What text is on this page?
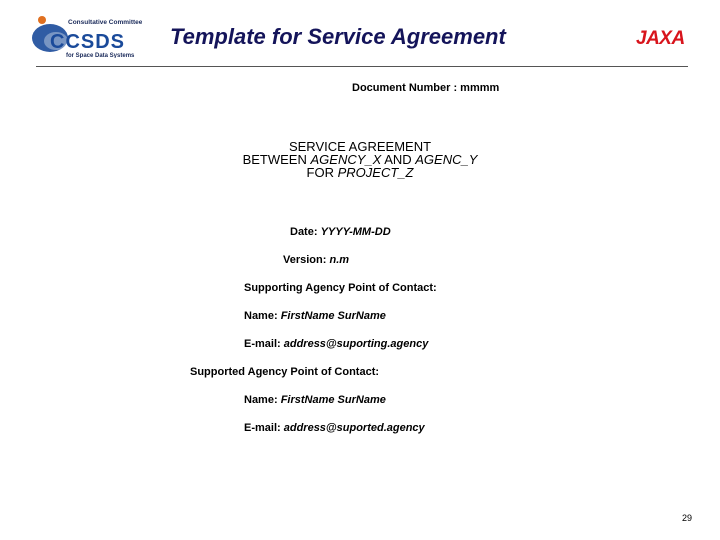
Consultative Committee
CCSDS
for Space Data Systems
Template for Service Agreement	JAXA
Document Number : mmmm
SERVICE AGREEMENT
BETWEEN AGENCY_X AND AGENC_Y
FOR PROJECT_Z
Date: YYYY-MM-DD
Version: n.m
Supporting Agency Point of Contact:
Name: FirstName SurName
E-mail: address@suporting.agency
Supported Agency Point of Contact:
Name: FirstName SurName
E-mail: address@suported.agency
29
